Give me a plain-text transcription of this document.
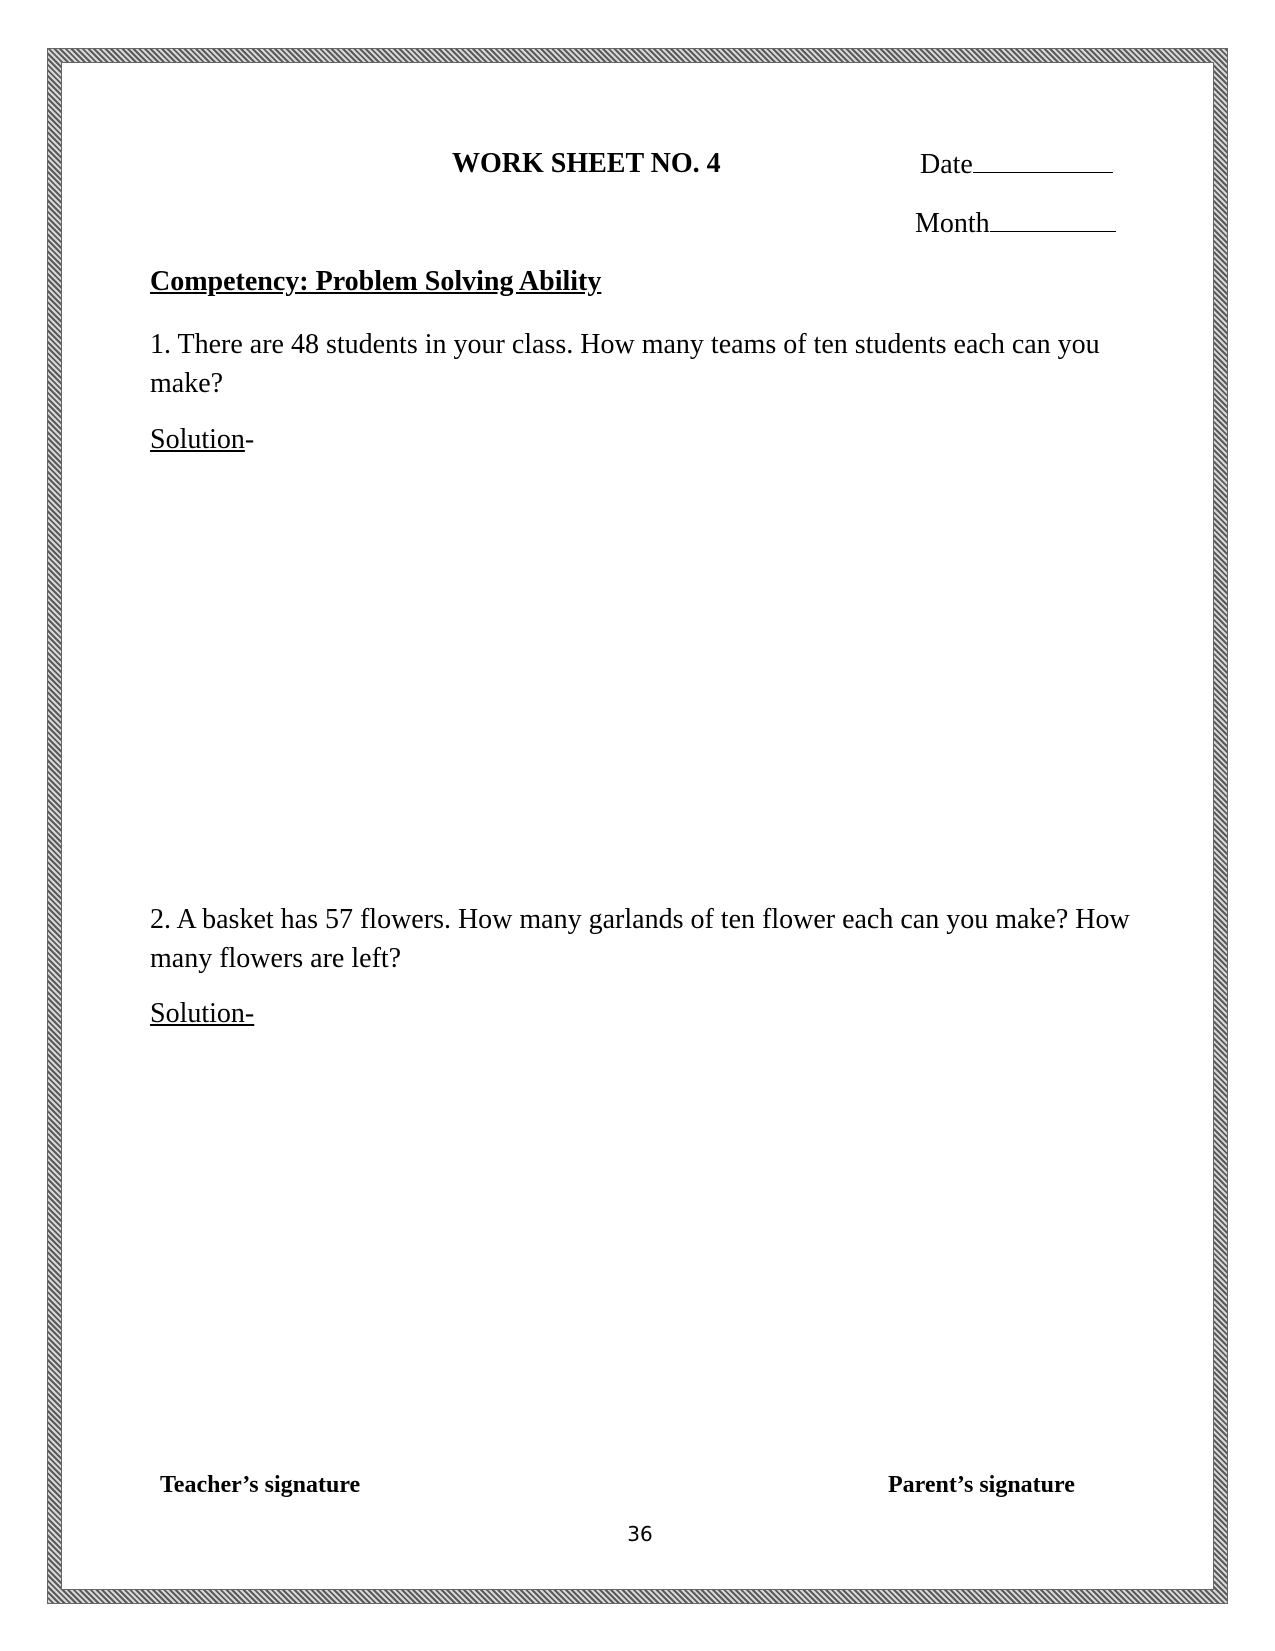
WORK SHEET NO. 4	Date
Month
Competency: Problem Solving Ability
1. There are 48 students in your class. How many teams of ten students each can you make?
Solution-
2. A basket has 57 flowers. How many garlands of ten flower each can you make? How many flowers are left?
Solution-
Teacher’s signature	Parent’s signature
36
